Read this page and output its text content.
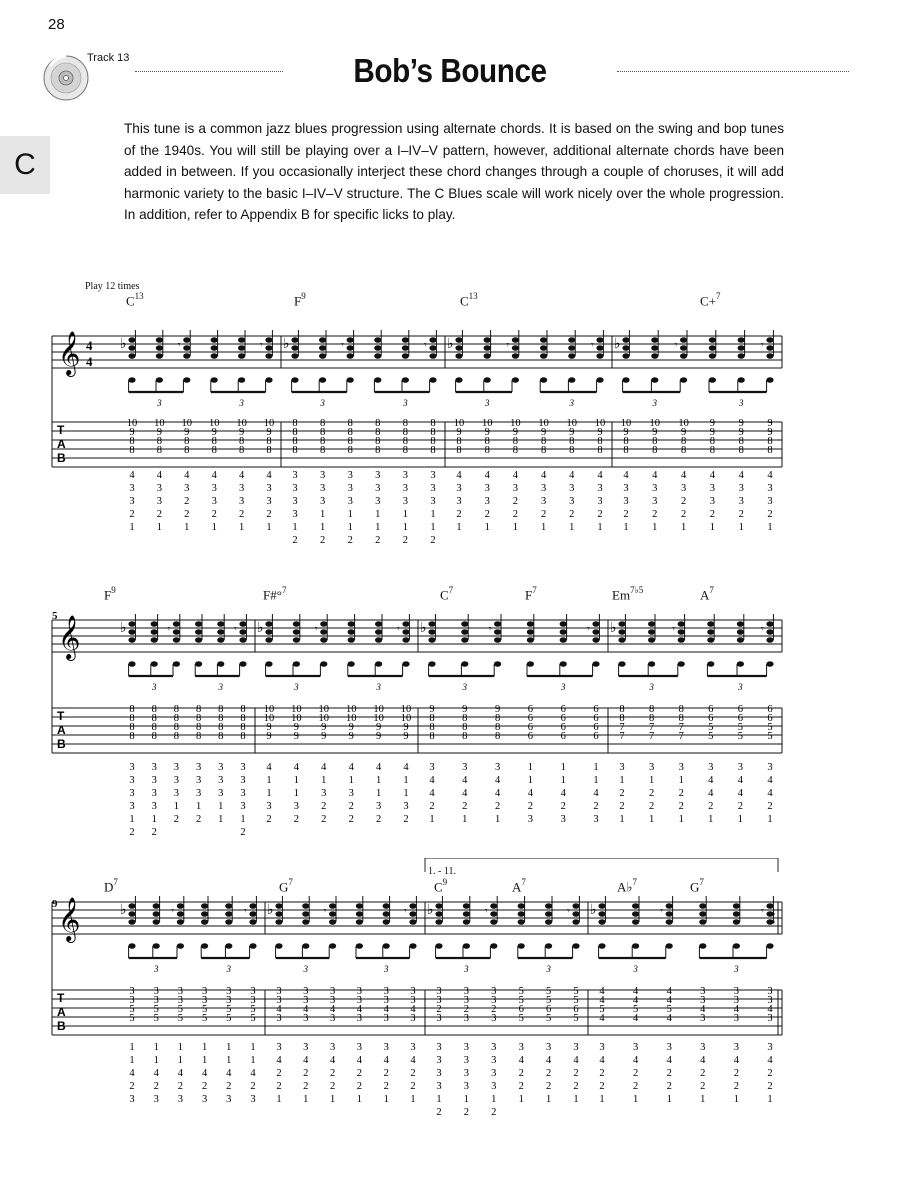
28
Track 13	Bob’s Bounce
C
This tune is a common jazz blues progression using alternate chords. It is based on the swing and bop tunes of the 1940s. You will still be playing over a I–IV–V pattern, however, additional alternate chords have been added in between. If you occasionally interject these chord changes through a couple of choruses, it will add harmonic variety to the basic I–IV–V structure. The C Blues scale will work nicely over the whole progression. In addition, refer to Appendix B for specific licks to play.
Play 12 times
$C^{13}$	$F^9$	$C^{13}$	C+$^7$
5
$F^9$	F#°$^7$	$C^7$	$F^7$	$Em^{7♭5}$	$A^7$
9
1. - 11.
$D^7$	$G^7$	$C^9$	$A^7$	A♭$^7$	$G^7$
𝄞 4
4
T
A
B
♭
10
9
8
8
4
3
3
2
1
10
9
8
8
4
3
3
2
1
𝄾
10
9
8
8
4
3
2
2
1
10
9
8
8
4
3
3
2
1
10
9
8
8
4
3
3
2
1
𝄾
10
9
8
8
4
3
3
2
1
3	3
♭
8
8
8
8
3
3
3
3
1
2
8
8
8
8
3
3
3
1
1
2
𝄾
8
8
8
8
3
3
3
1
1
2
8
8
8
8
3
3
3
1
1
2
8
8
8
8
3
3
3
1
1
2
𝄾
8
8
8
8
3
3
3
1
1
2
3	3
♭
10
9
8
8
4
3
3
2
1
10
9
8
8
4
3
3
2
1
𝄾
10
9
8
8
4
3
2
2
1
10
9
8
8
4
3
3
2
1
10
9
8
8
4
3
3
2
1
𝄾
10
9
8
8
4
3
3
2
1
3	3
♭
10
9
8
8
4
3
3
2
1
10
9
8
8
4
3
3
2
1
𝄾
10
9
8
8
4
3
2
2
1
9
9
8
8
4
3
3
2
1
9
9
8
8
4
3
3
2
1
𝄾
9
9
8
8
4
3
3
2
1
3	3
𝄞
T
A
B
♭
8
8
8
8
3
3
3
3
1
2
8
8
8
8
3
3
3
3
1
2
𝄾
8
8
8
8
3
3
3
1
2
8
8
8
8
3
3
3
1
2
8
8
8
8
3
3
3
1
1
𝄾
8
8
8
8
3
3
3
3
1
2
3	3
♭
10
10
9
9
4
1
1
3
2
10
10
9
9
4
1
1
3
2
𝄾
10
10
9
9
4
1
3
2
2
10
10
9
9
4
1
3
2
2
10
10
9
9
4
1
1
3
2
𝄾
10
10
9
9
4
1
1
3
2
3	3
♭
9
8
8
8
3
4
4
2
1
9
8
8
8
3
4
4
2
1
𝄾
9
8
8
8
3
4
4
2
1
6
6
6
6
1
1
4
2
3
6
6
6
6
1
1
4
2
3
𝄾
6
6
6
6
1
1
4
2
3
3	3
♭
8
8
7
7
3
1
2
2
1
8
8
7
7
3
1
2
2
1
𝄾
8
8
7
7
3
1
2
2
1
6
6
5
5
3
4
4
2
1
6
6
5
5
3
4
4
2
1
𝄾
6
6
5
5
3
4
4
2
1
3	3
𝄞
T
A
B
♭
3
3
5
5
1
1
4
2
3
3
3
5
5
1
1
4
2
3
𝄾
3
3
5
5
1
1
4
2
3
3
3
5
5
1
1
4
2
3
3
3
5
5
1
1
4
2
3
𝄾
3
3
5
5
1
1
4
2
3
3	3
♭
3
3
4
3
3
4
2
2
1
3
3
4
3
3
4
2
2
1
𝄾
3
3
4
3
3
4
2
2
1
3
3
4
3
3
4
2
2
1
3
3
4
3
3
4
2
2
1
𝄾
3
3
4
3
3
4
2
2
1
3	3
♭
3
3
2
3
3
3
3
3
1
2
3
3
2
3
3
3
3
3
1
2
𝄾
3
3
2
3
3
3
3
3
1
2
5
5
6
5
3
4
2
2
1
5
5
6
5
3
4
2
2
1
𝄾
5
5
6
5
3
4
2
2
1
3	3
♭
4
4
5
4
3
4
2
2
1
4
4
5
4
3
4
2
2
1
𝄾
4
4
5
4
3
4
2
2
1
3
3
4
3
3
4
2
2
1
3
3
4
3
3
4
2
2
1
𝄾
3
3
4
3
3
4
2
2
1
3	3
